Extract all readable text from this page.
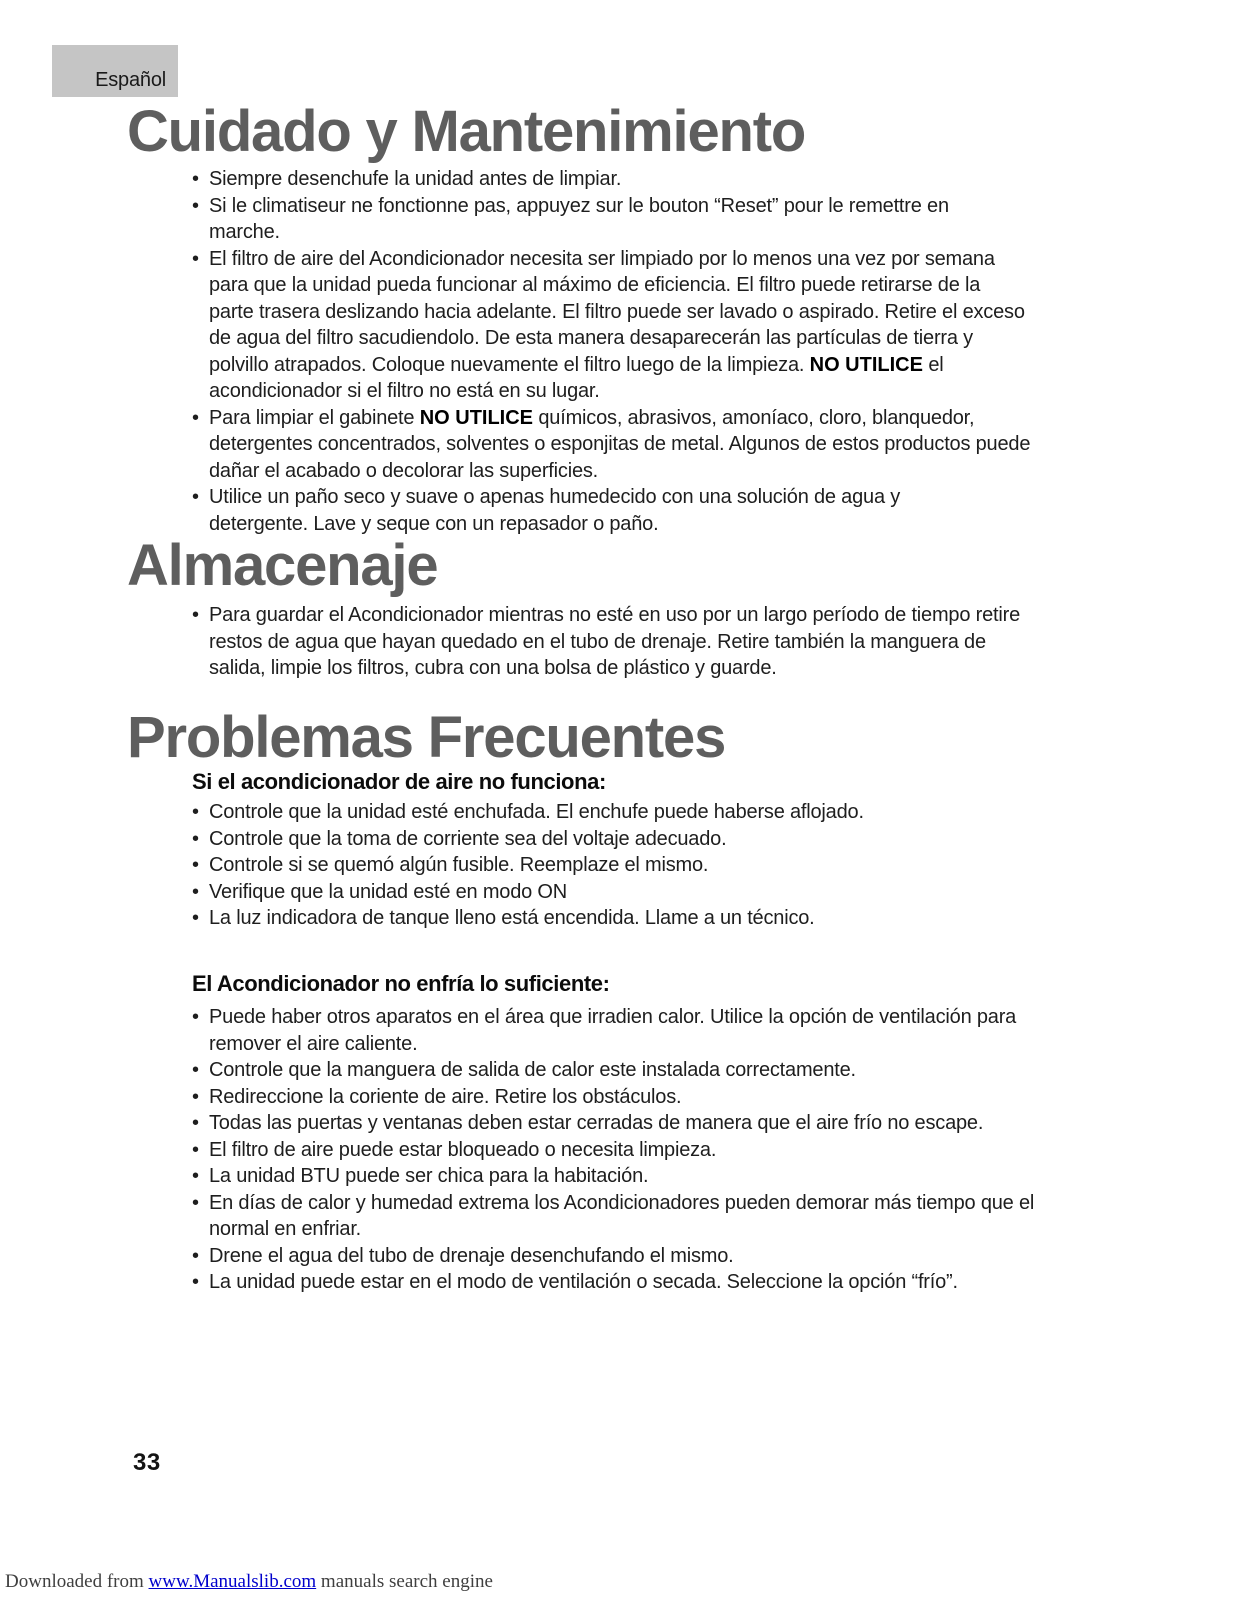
Español
Cuidado y Mantenimiento
• Siempre desenchufe la unidad antes de limpiar.
• Si le climatiseur ne fonctionne pas, appuyez sur le bouton “Reset” pour le remettre en
marche.
• El filtro de aire del Acondicionador necesita ser limpiado por lo menos una vez por semana
para que la unidad pueda funcionar al máximo de eficiencia. El filtro puede retirarse de la
parte trasera deslizando hacia adelante. El filtro puede ser lavado o aspirado. Retire el exceso
de agua del filtro sacudiendolo. De esta manera desaparecerán las partículas de tierra y
polvillo atrapados. Coloque nuevamente el filtro luego de la limpieza. NO UTILICE el
acondicionador si el filtro no está en su lugar.
• Para limpiar el gabinete NO UTILICE químicos, abrasivos, amoníaco, cloro, blanquedor,
detergentes concentrados, solventes o esponjitas de metal. Algunos de estos productos puede
dañar el acabado o decolorar las superficies.
• Utilice un paño seco y suave o apenas humedecido con una solución de agua y
detergente. Lave y seque con un repasador o paño.
Almacenaje
• Para guardar el Acondicionador mientras no esté en uso por un largo período de tiempo retire
restos de agua que hayan quedado en el tubo de drenaje. Retire también la manguera de
salida, limpie los filtros, cubra con una bolsa de plástico y guarde.
Problemas Frecuentes
Si el acondicionador de aire no funciona:
• Controle que la unidad esté enchufada. El enchufe puede haberse aflojado.
• Controle que la toma de corriente sea del voltaje adecuado.
• Controle si se quemó algún fusible. Reemplaze el mismo.
• Verifique que la unidad esté en modo ON
• La luz indicadora de tanque lleno está encendida. Llame a un técnico.
El Acondicionador no enfría lo suficiente:
• Puede haber otros aparatos en el área que irradien calor. Utilice la opción de ventilación para
remover el aire caliente.
• Controle que la manguera de salida de calor este instalada correctamente.
• Redireccione la coriente de aire. Retire los obstáculos.
• Todas las puertas y ventanas deben estar cerradas de manera que el aire frío no escape.
• El filtro de aire puede estar bloqueado o necesita limpieza.
• La unidad BTU puede ser chica para la habitación.
• En días de calor y humedad extrema los Acondicionadores pueden demorar más tiempo que el
normal en enfriar.
• Drene el agua del tubo de drenaje desenchufando el mismo.
• La unidad puede estar en el modo de ventilación o secada. Seleccione la opción “frío”.
33
Downloaded from www.Manualslib.com manuals search engine
